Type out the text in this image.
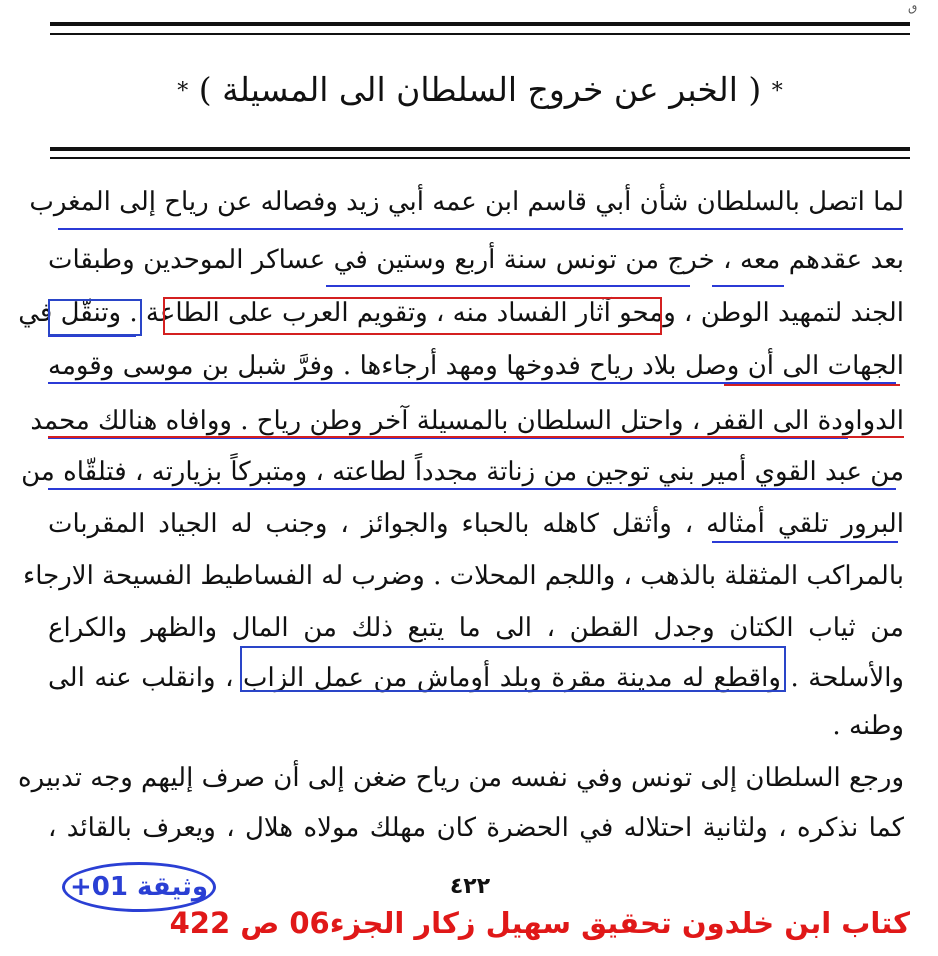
ٯ
* ( الخبر عن خروج السلطان الى المسيلة ) *
لما اتصل بالسلطان شأن أبي قاسم ابن عمه أبي زيد وفصاله عن رياح إلى المغرب
بعد عقدهم معه ، خرج من تونس سنة أربع وستين في عساكر الموحدين وطبقات
الجند لتمهيد الوطن ، ومحو آثار الفساد منه ، وتقويم العرب على الطاعة . وتنقّل في
الجهات الى أن وصل بلاد رياح فدوخها ومهد أرجاءها . وفرَّ شبل بن موسى وقومه
الدواودة الى القفر ، واحتل السلطان بالمسيلة آخر وطن رياح . ووافاه هنالك محمد
من عبد القوي أمير بني توجين من زناتة مجدداً لطاعته ، ومتبركاً بزيارته ، فتلقّاه من
البرور تلقي أمثاله ، وأثقل كاهله بالحباء والجوائز ، وجنب له الجياد المقربات
بالمراكب المثقلة بالذهب ، واللجم المحلات . وضرب له الفساطيط الفسيحة الارجاء
من ثياب الكتان وجدل القطن ، الى ما يتبع ذلك من المال والظهر والكراع
والأسلحة . واقطع له مدينة مقرة وبلد أوماش من عمل الزاب ، وانقلب عنه الى
وطنه .
ورجع السلطان إلى تونس وفي نفسه من رياح ضغن إلى أن صرف إليهم وجه تدبيره
كما نذكره ، ولثانية احتلاله في الحضرة كان مهلك مولاه هلال ، ويعرف بالقائد ،
٤٢٢
وثيقة 01+
كتاب ابن خلدون تحقيق سهيل زكار الجزء06 ص 422
